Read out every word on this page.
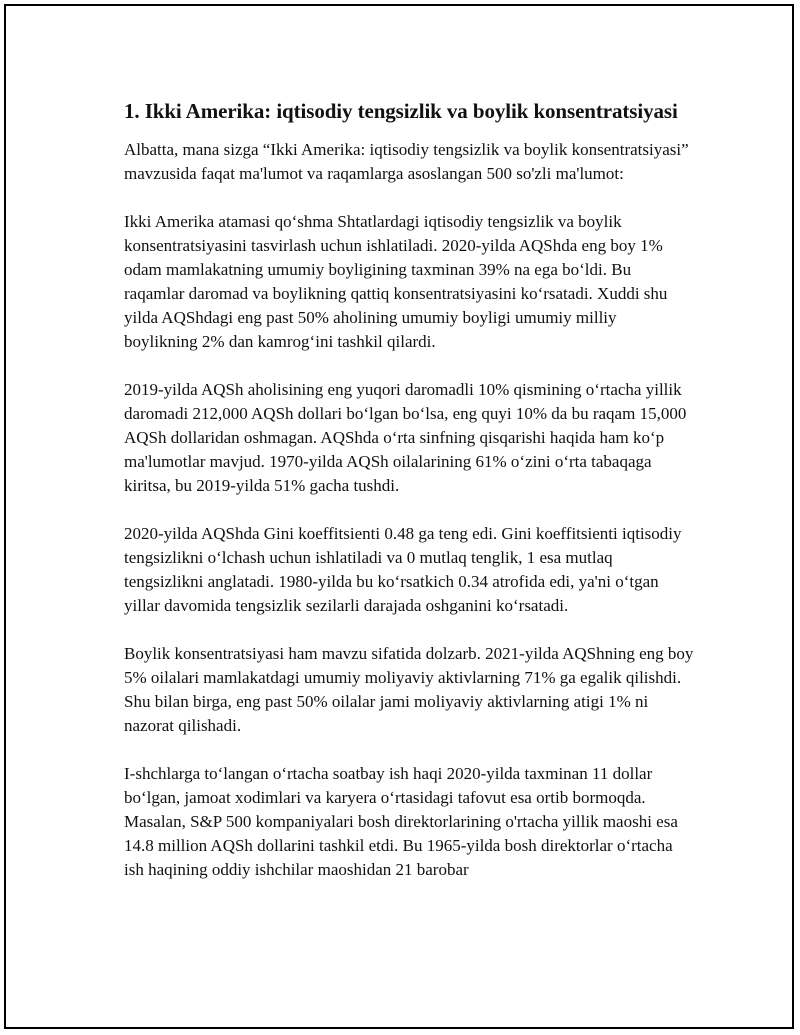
1. Ikki Amerika: iqtisodiy tengsizlik va boylik konsentratsiyasi

Albatta, mana sizga “Ikki Amerika: iqtisodiy tengsizlik va boylik konsentratsiyasi” mavzusida faqat ma'lumot va raqamlarga asoslangan 500 so'zli ma'lumot:

Ikki Amerika atamasi qo‘shma Shtatlardagi iqtisodiy tengsizlik va boylik konsentratsiyasini tasvirlash uchun ishlatiladi. 2020-yilda AQShda eng boy 1% odam mamlakatning umumiy boyligining taxminan 39% na ega bo‘ldi. Bu raqamlar daromad va boylikning qattiq konsentratsiyasini ko‘rsatadi. Xuddi shu yilda AQShdagi eng past 50% aholining umumiy boyligi umumiy milliy boylikning 2% dan kamrog‘ini tashkil qilardi.

2019-yilda AQSh aholisining eng yuqori daromadli 10% qismining o‘rtacha yillik daromadi 212,000 AQSh dollari bo‘lgan bo‘lsa, eng quyi 10% da bu raqam 15,000 AQSh dollaridan oshmagan. AQShda o‘rta sinfning qisqarishi haqida ham ko‘p ma'lumotlar mavjud. 1970-yilda AQSh oilalarining 61% o‘zini o‘rta tabaqaga kiritsa, bu 2019-yilda 51% gacha tushdi.

2020-yilda AQShda Gini koeffitsienti 0.48 ga teng edi. Gini koeffitsienti iqtisodiy tengsizlikni o‘lchash uchun ishlatiladi va 0 mutlaq tenglik, 1 esa mutlaq tengsizlikni anglatadi. 1980-yilda bu ko‘rsatkich 0.34 atrofida edi, ya'ni o‘tgan yillar davomida tengsizlik sezilarli darajada oshganini ko‘rsatadi.

Boylik konsentratsiyasi ham mavzu sifatida dolzarb. 2021-yilda AQShning eng boy 5% oilalari mamlakatdagi umumiy moliyaviy aktivlarning 71% ga egalik qilishdi. Shu bilan birga, eng past 50% oilalar jami moliyaviy aktivlarning atigi 1% ni nazorat qilishadi.

I-shchlarga to‘langan o‘rtacha soatbay ish haqi 2020-yilda taxminan 11 dollar bo‘lgan, jamoat xodimlari va karyera o‘rtasidagi tafovut esa ortib bormoqda. Masalan, S&P 500 kompaniyalari bosh direktorlarining o'rtacha yillik maoshi esa 14.8 million AQSh dollarini tashkil etdi. Bu 1965-yilda bosh direktorlar o‘rtacha ish haqining oddiy ishchilar maoshidan 21 barobar
